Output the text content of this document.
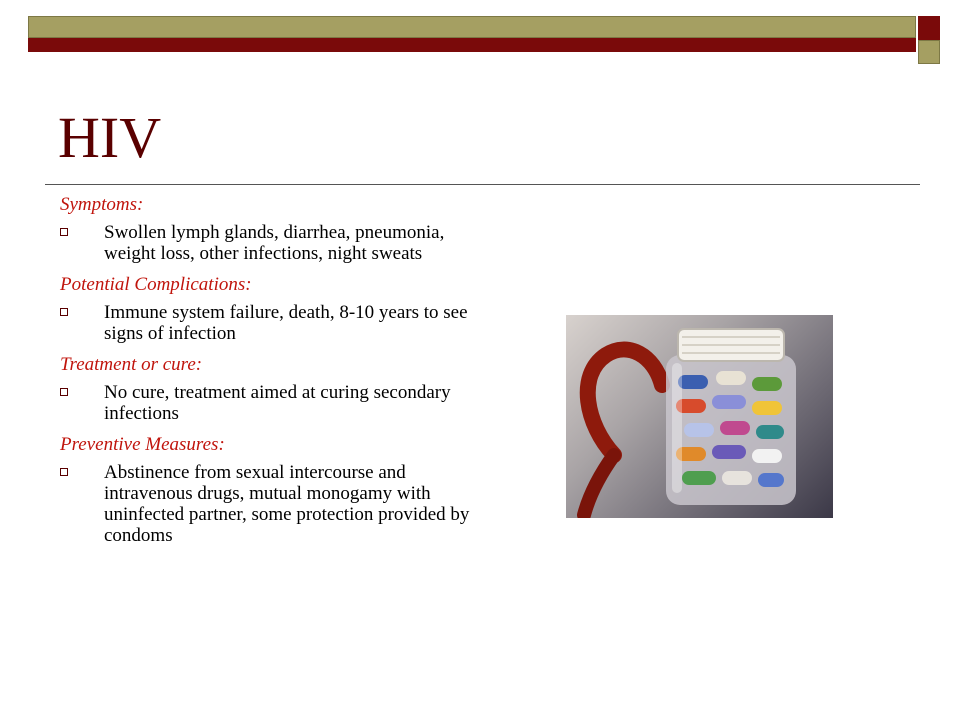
HIV

Symptoms:

Swollen lymph glands, diarrhea, pneumonia, weight loss, other infections, night sweats

Potential Complications:

Immune system failure, death, 8-10 years to see signs of infection

Treatment or cure:

No cure, treatment aimed at curing secondary infections

Preventive Measures:

Abstinence from sexual intercourse and intravenous drugs, mutual monogamy with uninfected partner, some protection provided by condoms
